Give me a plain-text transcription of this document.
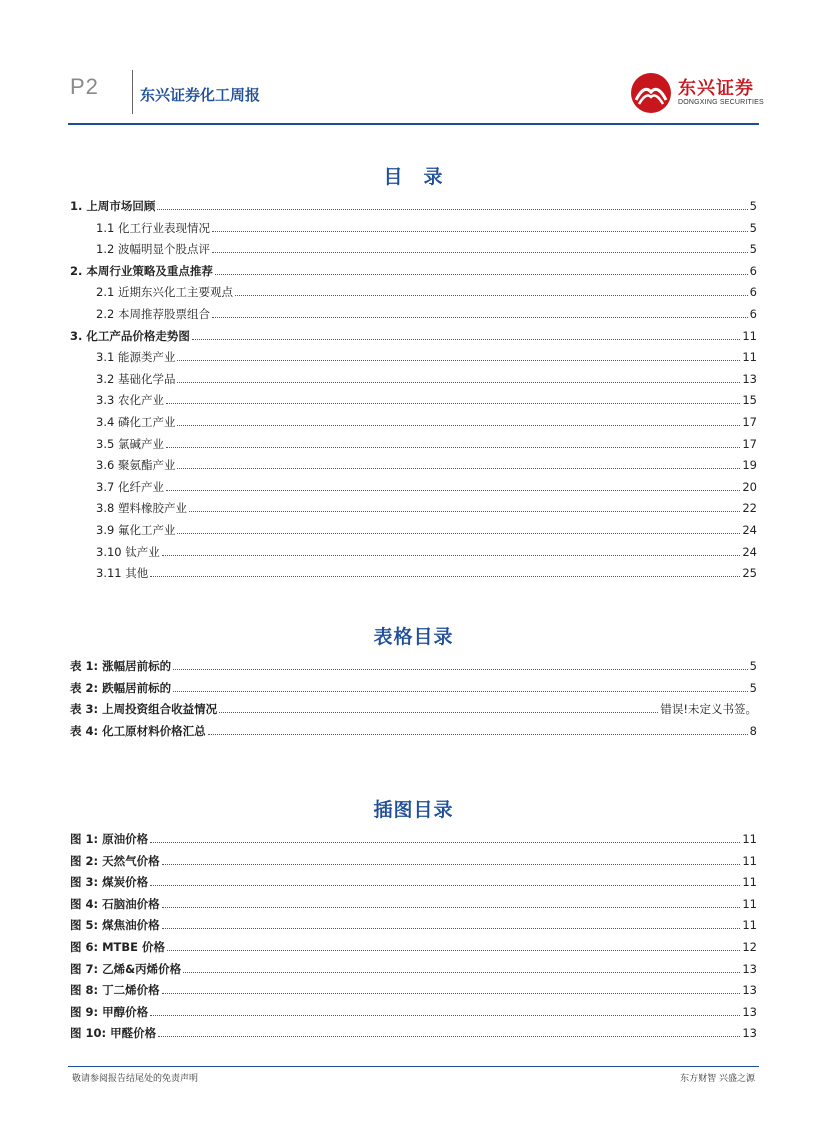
P2	东兴证券化工周报	东兴证券
DONGXING SECURITIES
目　录
1. 上周市场回顾	5
1.1 化工行业表现情况	5
1.2 波幅明显个股点评	5
2. 本周行业策略及重点推荐	6
2.1 近期东兴化工主要观点	6
2.2 本周推荐股票组合	6
3. 化工产品价格走势图	11
3.1 能源类产业	11
3.2 基础化学品	13
3.3 农化产业	15
3.4 磷化工产业	17
3.5 氯碱产业	17
3.6 聚氨酯产业	19
3.7 化纤产业	20
3.8 塑料橡胶产业	22
3.9 氟化工产业	24
3.10 钛产业	24
3.11 其他	25
表格目录
表 1: 涨幅居前标的	5
表 2: 跌幅居前标的	5
表 3: 上周投资组合收益情况	错误!未定义书签。
表 4: 化工原材料价格汇总	8
插图目录
图 1: 原油价格	11
图 2: 天然气价格	11
图 3: 煤炭价格	11
图 4: 石脑油价格	11
图 5: 煤焦油价格	11
图 6: MTBE 价格	12
图 7: 乙烯&丙烯价格	13
图 8: 丁二烯价格	13
图 9: 甲醇价格	13
图 10: 甲醛价格	13
敬请参阅报告结尾处的免责声明	东方财智 兴盛之源
